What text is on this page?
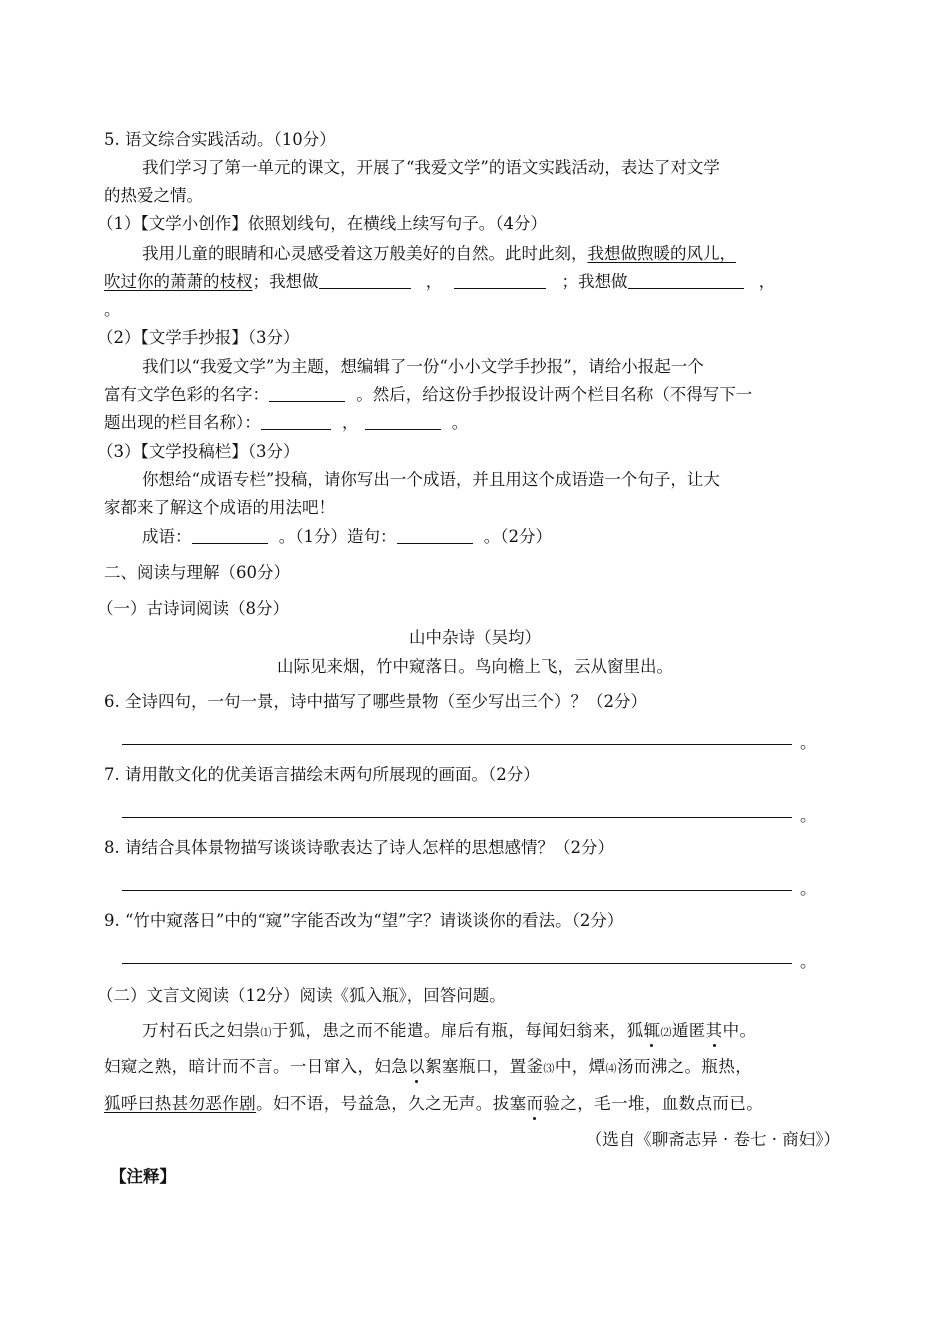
5. 语文综合实践活动。（10分）
我们学习了第一单元的课文，开展了“我爱文学”的语文实践活动，表达了对文学
的热爱之情。
（1）【文学小创作】依照划线句，在横线上续写句子。（4分）
我用儿童的眼睛和心灵感受着这万般美好的自然。此时此刻，我想做煦暖的风儿，
吹过你的萧萧的枝杈；我想做	，	；我想做	，
。
（2）【文学手抄报】（3分）
我们以“我爱文学”为主题，想编辑了一份“小小文学手抄报”，请给小报起一个
富有文学色彩的名字：	。然后，给这份手抄报设计两个栏目名称（不得写下一
题出现的栏目名称）：	，	。
（3）【文学投稿栏】（3分）
你想给“成语专栏”投稿，请你写出一个成语，并且用这个成语造一个句子，让大
家都来了解这个成语的用法吧！
成语：	。（1分）造句：	。（2分）
二、阅读与理解（60分）
（一）古诗词阅读（8分）
山中杂诗（吴均）
山际见来烟，竹中窥落日。鸟向檐上飞，云从窗里出。
6. 全诗四句，一句一景，诗中描写了哪些景物（至少写出三个）？（2分）
。
7. 请用散文化的优美语言描绘末两句所展现的画面。（2分）
。
8. 请结合具体景物描写谈谈诗歌表达了诗人怎样的思想感情？（2分）
。
9. “竹中窥落日”中的“窥”字能否改为“望”字？请谈谈你的看法。（2分）
。
（二）文言文阅读（12分）阅读《狐入瓶》，回答问题。
万村石氏之妇祟⑴于狐，患之而不能遣。扉后有瓶，每闻妇翁来，狐辄⑵遁匿其中。
妇窥之熟，暗计而不言。一日窜入，妇急以絮塞瓶口，置釜⑶中，燂⑷汤而沸之。瓶热，
狐呼曰热甚勿恶作剧。妇不语，号益急，久之无声。拔塞而验之，毛一堆，血数点而已。
（选自《聊斋志异 · 卷七 · 商妇》）
【注释】
